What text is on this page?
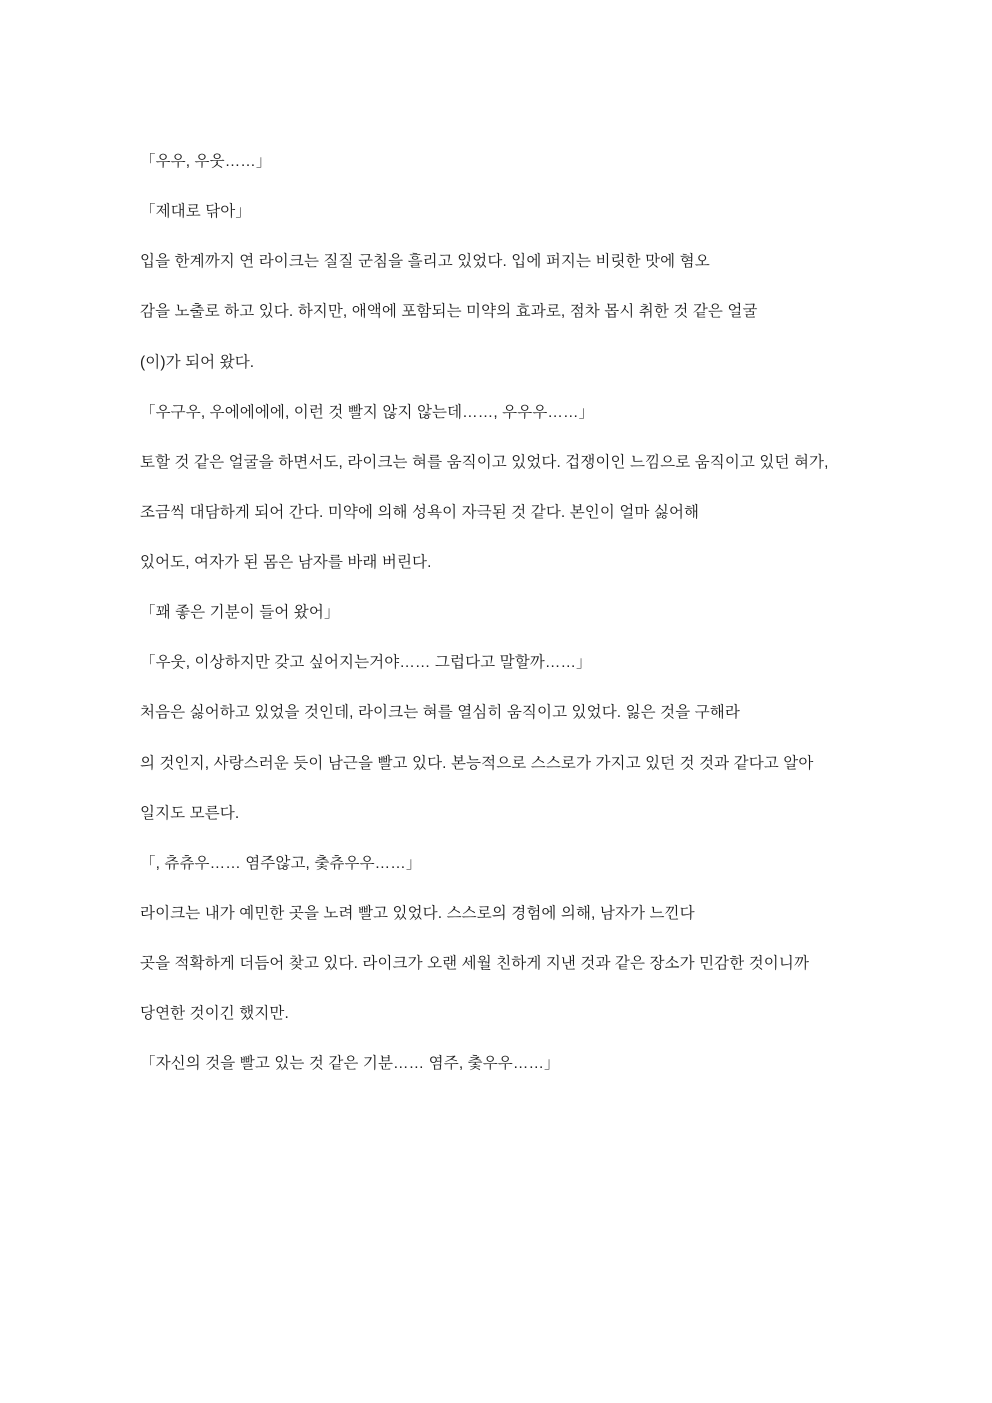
「우우, 우웃……」

「제대로 닦아」

입을 한계까지 연 라이크는 질질 군침을 흘리고 있었다. 입에 퍼지는 비릿한 맛에 혐오

감을 노출로 하고 있다. 하지만, 애액에 포함되는 미약의 효과로, 점차 몹시 취한 것 같은 얼굴

(이)가 되어 왔다.

「우구우, 우에에에에, 이런 것 빨지 않지 않는데……, 우우우……」

토할 것 같은 얼굴을 하면서도, 라이크는 혀를 움직이고 있었다. 겁쟁이인 느낌으로 움직이고 있던 혀가,

조금씩 대담하게 되어 간다. 미약에 의해 성욕이 자극된 것 같다. 본인이 얼마 싫어해

있어도, 여자가 된 몸은 남자를 바래 버린다.

「꽤 좋은 기분이 들어 왔어」

「우웃, 이상하지만 갖고 싶어지는거야…… 그럽다고 말할까……」

처음은 싫어하고 있었을 것인데, 라이크는 혀를 열심히 움직이고 있었다. 잃은 것을 구해라

의 것인지, 사랑스러운 듯이 남근을 빨고 있다. 본능적으로 스스로가 가지고 있던 것 것과 같다고 알아

일지도 모른다.

「, 츄츄우…… 염주않고, 춫츄우우……」

라이크는 내가 예민한 곳을 노려 빨고 있었다. 스스로의 경험에 의해, 남자가 느낀다

곳을 적확하게 더듬어 찾고 있다. 라이크가 오랜 세월 친하게 지낸 것과 같은 장소가 민감한 것이니까

당연한 것이긴 했지만.

「자신의 것을 빨고 있는 것 같은 기분…… 염주, 춫우우……」
